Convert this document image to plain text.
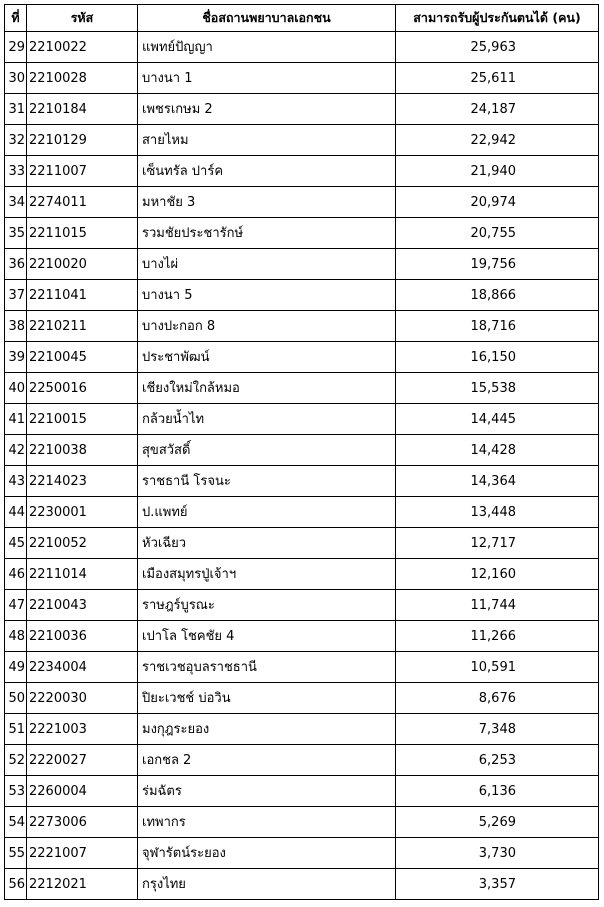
ที่	รหัส	ชื่อสถานพยาบาลเอกชน	สามารถรับผู้ประกันตนได้ (คน)
29	2210022	แพทย์ปัญญา	25,963
30	2210028	บางนา 1	25,611
31	2210184	เพชรเกษม 2	24,187
32	2210129	สายไหม	22,942
33	2211007	เซ็นทรัล ปาร์ค	21,940
34	2274011	มหาชัย 3	20,974
35	2211015	รวมชัยประชารักษ์	20,755
36	2210020	บางไผ่	19,756
37	2211041	บางนา 5	18,866
38	2210211	บางปะกอก 8	18,716
39	2210045	ประชาพัฒน์	16,150
40	2250016	เชียงใหม่ใกล้หมอ	15,538
41	2210015	กล้วยน้ำไท	14,445
42	2210038	สุขสวัสดิ์	14,428
43	2214023	ราชธานี โรจนะ	14,364
44	2230001	ป.แพทย์	13,448
45	2210052	หัวเฉียว	12,717
46	2211014	เมืองสมุทรปู่เจ้าฯ	12,160
47	2210043	ราษฎร์บูรณะ	11,744
48	2210036	เปาโล โชคชัย 4	11,266
49	2234004	ราชเวชอุบลราชธานี	10,591
50	2220030	ปิยะเวชช์ บ่อวิน	8,676
51	2221003	มงกุฎระยอง	7,348
52	2220027	เอกชล 2	6,253
53	2260004	ร่มฉัตร	6,136
54	2273006	เทพากร	5,269
55	2221007	จุฬารัตน์ระยอง	3,730
56	2212021	กรุงไทย	3,357
